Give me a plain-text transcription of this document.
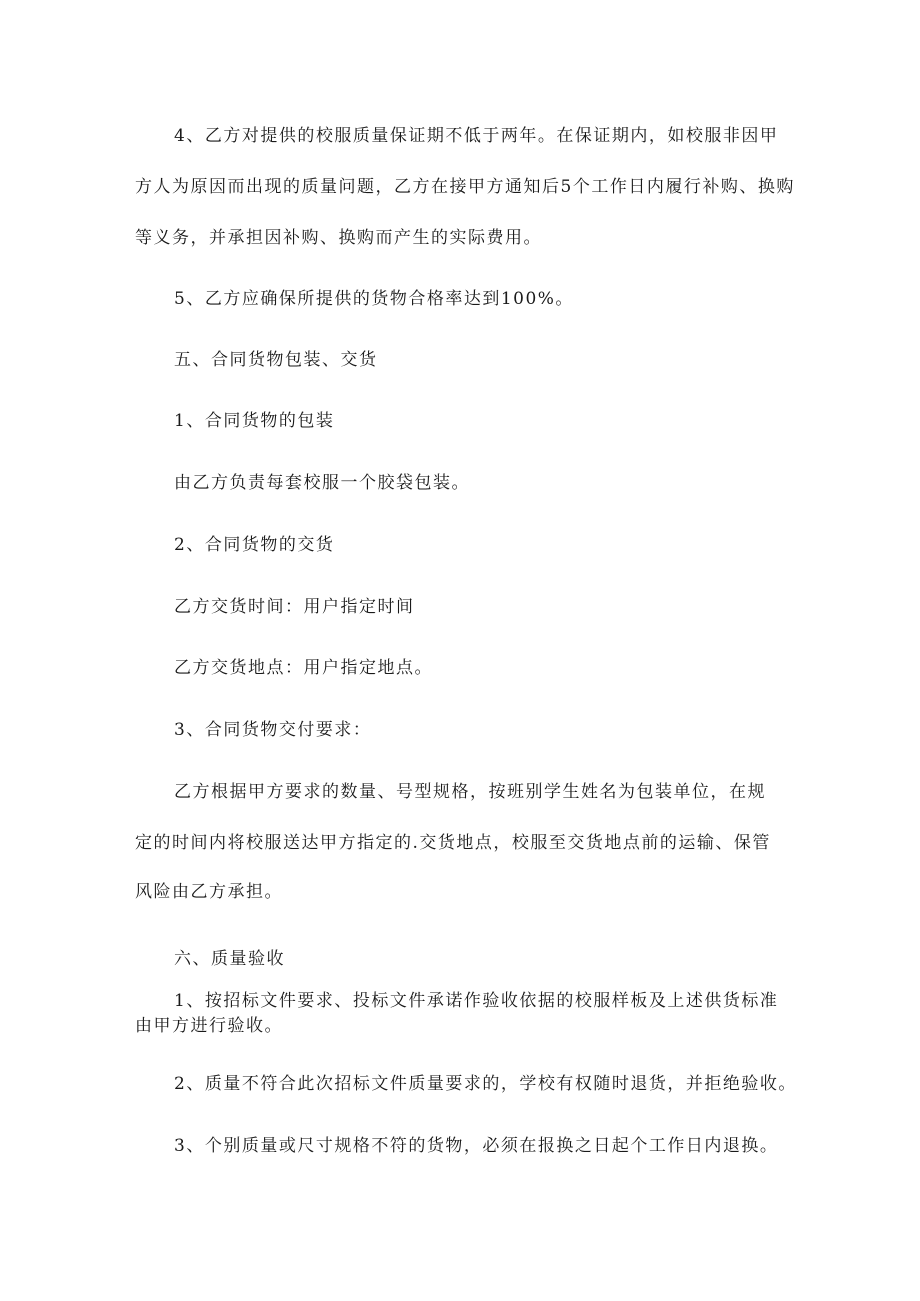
4、乙方对提供的校服质量保证期不低于两年。在保证期内，如校服非因甲

方人为原因而出现的质量问题，乙方在接甲方通知后5个工作日内履行补购、换购

等义务，并承担因补购、换购而产生的实际费用。

5、乙方应确保所提供的货物合格率达到100%。

五、合同货物包装、交货

1、合同货物的包装

由乙方负责每套校服一个胶袋包装。

2、合同货物的交货

乙方交货时间：用户指定时间

乙方交货地点：用户指定地点。

3、合同货物交付要求：

乙方根据甲方要求的数量、号型规格，按班别学生姓名为包装单位，在规

定的时间内将校服送达甲方指定的.交货地点，校服至交货地点前的运输、保管

风险由乙方承担。

六、质量验收

1、按招标文件要求、投标文件承诺作验收依据的校服样板及上述供货标准

由甲方进行验收。

2、质量不符合此次招标文件质量要求的，学校有权随时退货，并拒绝验收。

3、个别质量或尺寸规格不符的货物，必须在报换之日起个工作日内退换。
